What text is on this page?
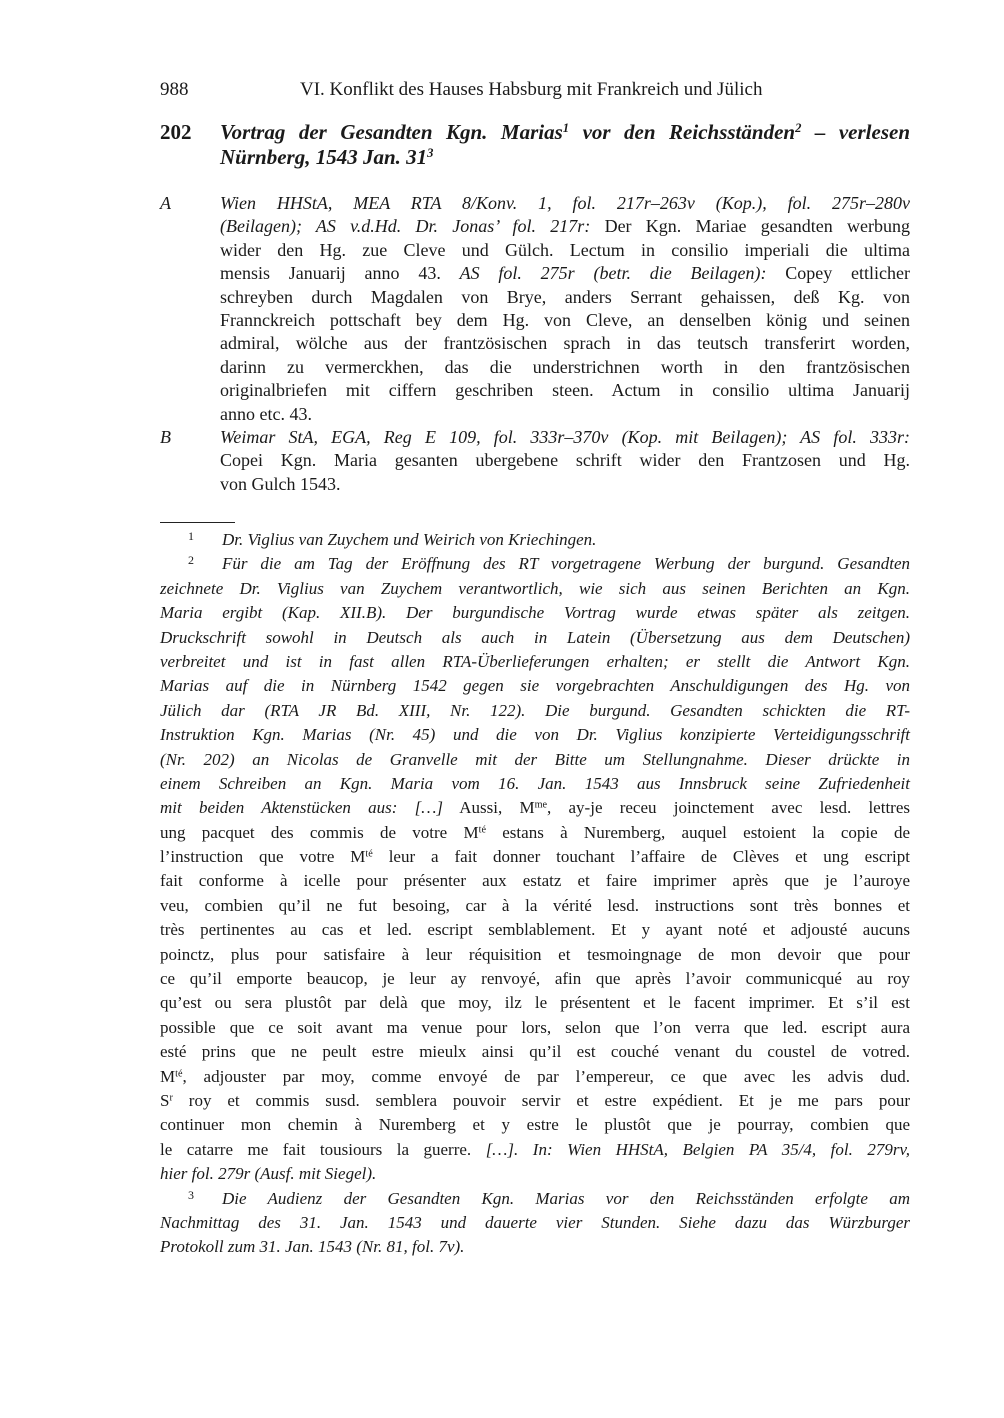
988	VI. Konflikt des Hauses Habsburg mit Frankreich und Jülich
202 Vortrag der Gesandten Kgn. Marias$^1$ vor den Reichsständen$^2$ – verlesen
Nürnberg, 1543 Jan. $31^3$
A	Wien HHStA, MEA RTA 8/Konv. 1, fol. 217r–263v (Kop.), fol. 275r–280v
(Beilagen); AS v.d.Hd. Dr. Jonas’ fol. 217r: Der Kgn. Mariae gesandten werbung
wider den Hg. zue Cleve und Gülch. Lectum in consilio imperiali die ultima
mensis Januarij anno 43. AS fol. 275r (betr. die Beilagen): Copey ettlicher
schreyben durch Magdalen von Brye, anders Serrant gehaissen, deß Kg. von
Frannckreich pottschaft bey dem Hg. von Cleve, an denselben könig und seinen
admiral, wölche aus der frantzösischen sprach in das teutsch transferirt worden,
darinn zu vermerckhen, das die understrichnen worth in den frantzösischen
originalbriefen mit ciffern geschriben steen. Actum in consilio ultima Januarij
anno etc. 43.
B	Weimar StA, EGA, Reg E 109, fol. 333r–370v (Kop. mit Beilagen); AS fol. 333r:
Copei Kgn. Maria gesanten ubergebene schrift wider den Frantzosen und Hg.
von Gulch 1543.
1 Dr. Viglius van Zuychem und Weirich von Kriechingen.
2 Für die am Tag der Eröffnung des RT vorgetragene Werbung der burgund. Gesandten
zeichnete Dr. Viglius van Zuychem verantwortlich, wie sich aus seinen Berichten an Kgn.
Maria ergibt (Kap. XII.B). Der burgundische Vortrag wurde etwas später als zeitgen.
Druckschrift sowohl in Deutsch als auch in Latein (Übersetzung aus dem Deutschen)
verbreitet und ist in fast allen RTA-Überlieferungen erhalten; er stellt die Antwort Kgn.
Marias auf die in Nürnberg 1542 gegen sie vorgebrachten Anschuldigungen des Hg. von
Jülich dar (RTA JR Bd. XIII, Nr. 122). Die burgund. Gesandten schickten die RT-
Instruktion Kgn. Marias (Nr. 45) und die von Dr. Viglius konzipierte Verteidigungsschrift
(Nr. 202) an Nicolas de Granvelle mit der Bitte um Stellungnahme. Dieser drückte in
einem Schreiben an Kgn. Maria vom 16. Jan. 1543 aus Innsbruck seine Zufriedenheit
mit beiden Aktenstücken aus: […] Aussi, $M^{me}$, ay-je receu joinctement avec lesd. lettres
ung pacquet des commis de votre $M^{té}$ estans à Nuremberg, auquel estoient la copie de
l’instruction que votre $M^{té}$ leur a fait donner touchant l’affaire de Clèves et ung escript
fait conforme à icelle pour présenter aux estatz et faire imprimer après que je l’auroye
veu, combien qu’il ne fut besoing, car à la vérité lesd. instructions sont très bonnes et
très pertinentes au cas et led. escript semblablement. Et y ayant noté et adjousté aucuns
poinctz, plus pour satisfaire à leur réquisition et tesmoingnage de mon devoir que pour
ce qu’il emporte beaucop, je leur ay renvoyé, afin que après l’avoir communicqué au roy
qu’est ou sera plustôt par delà que moy, ilz le présentent et le facent imprimer. Et s’il est
possible que ce soit avant ma venue pour lors, selon que l’on verra que led. escript aura
esté prins que ne peult estre mieulx ainsi qu’il est couché venant du coustel de votred.
$M^{té}$, adjouster par moy, comme envoyé de par l’empereur, ce que avec les advis dud.
$S^r$ roy et commis susd. semblera pouvoir servir et estre expédient. Et je me pars pour
continuer mon chemin à Nuremberg et y estre le plustôt que je pourray, combien que
le catarre me fait tousiours la guerre. […]. In: Wien HHStA, Belgien PA 35/4, fol. 279rv,
hier fol. 279r (Ausf. mit Siegel).
3 Die Audienz der Gesandten Kgn. Marias vor den Reichsständen erfolgte am
Nachmittag des 31. Jan. 1543 und dauerte vier Stunden. Siehe dazu das Würzburger
Protokoll zum 31. Jan. 1543 (Nr. 81, fol. 7v).
